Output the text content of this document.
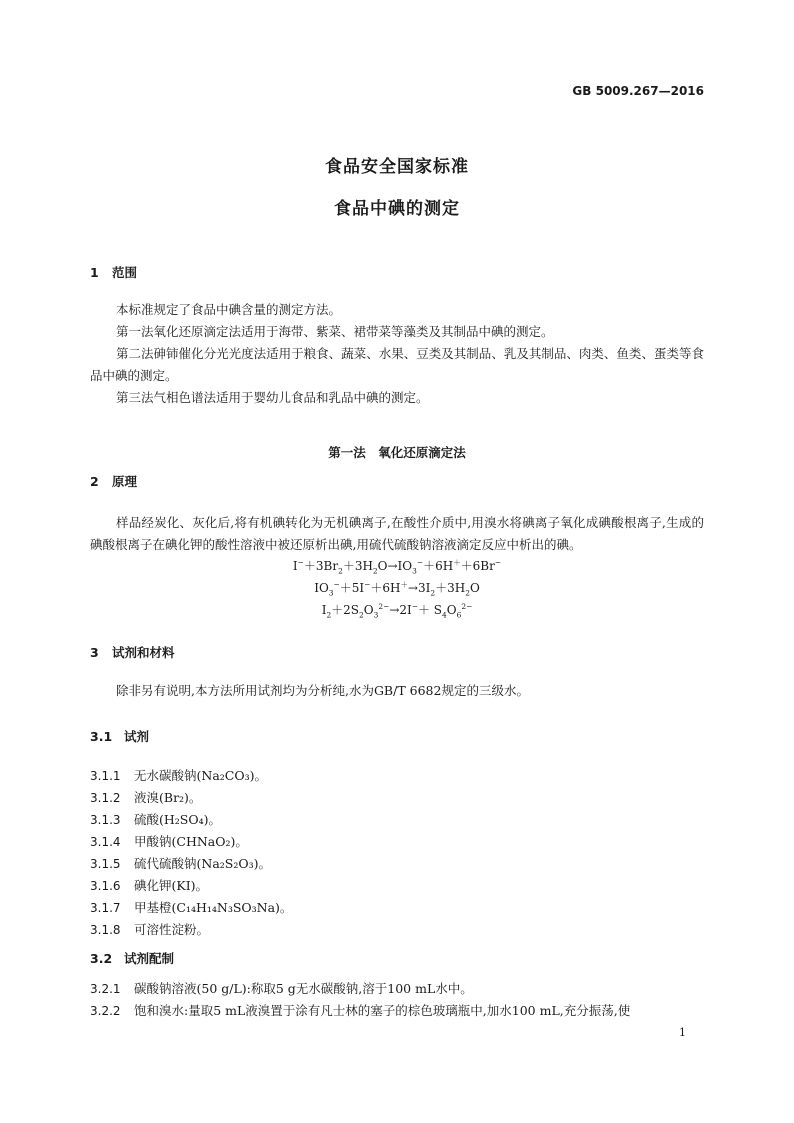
GB 5009.267—2016
食品安全国家标准
食品中碘的测定
1 范围

本标准规定了食品中碘含量的测定方法。

第一法氧化还原滴定法适用于海带、紫菜、裙带菜等藻类及其制品中碘的测定。

第二法砷铈催化分光光度法适用于粮食、蔬菜、水果、豆类及其制品、乳及其制品、肉类、鱼类、蛋类等食品中碘的测定。

第三法气相色谱法适用于婴幼儿食品和乳品中碘的测定。

第一法　氧化还原滴定法
2 原理

样品经炭化、灰化后,将有机碘转化为无机碘离子,在酸性介质中,用溴水将碘离子氧化成碘酸根离子,生成的碘酸根离子在碘化钾的酸性溶液中被还原析出碘,用硫代硫酸钠溶液滴定反应中析出的碘。

$I^-+3Br_2+3H_2O\to IO_3^-+6H^++6Br^-$
$IO_3^-+5I^-+6H^+\to 3I_2+3H_2O$
$I_2+2S_2O_3^{2-}\to 2I^-+ S_4O_6^{2-}$
3 试剂和材料

除非另有说明,本方法所用试剂均为分析纯,水为GB/T 6682规定的三级水。

3.1 试剂
3.1.1 无水碳酸钠(Na₂CO₃)。
3.1.2 液溴(Br₂)。
3.1.3 硫酸(H₂SO₄)。
3.1.4 甲酸钠(CHNaO₂)。
3.1.5 硫代硫酸钠(Na₂S₂O₃)。
3.1.6 碘化钾(KI)。
3.1.7 甲基橙(C₁₄H₁₄N₃SO₃Na)。
3.1.8 可溶性淀粉。
3.2 试剂配制
3.2.1 碳酸钠溶液(50 g/L):称取5 g无水碳酸钠,溶于100 mL水中。
3.2.2 饱和溴水:量取5 mL液溴置于涂有凡士林的塞子的棕色玻璃瓶中,加水100 mL,充分振荡,使
1
